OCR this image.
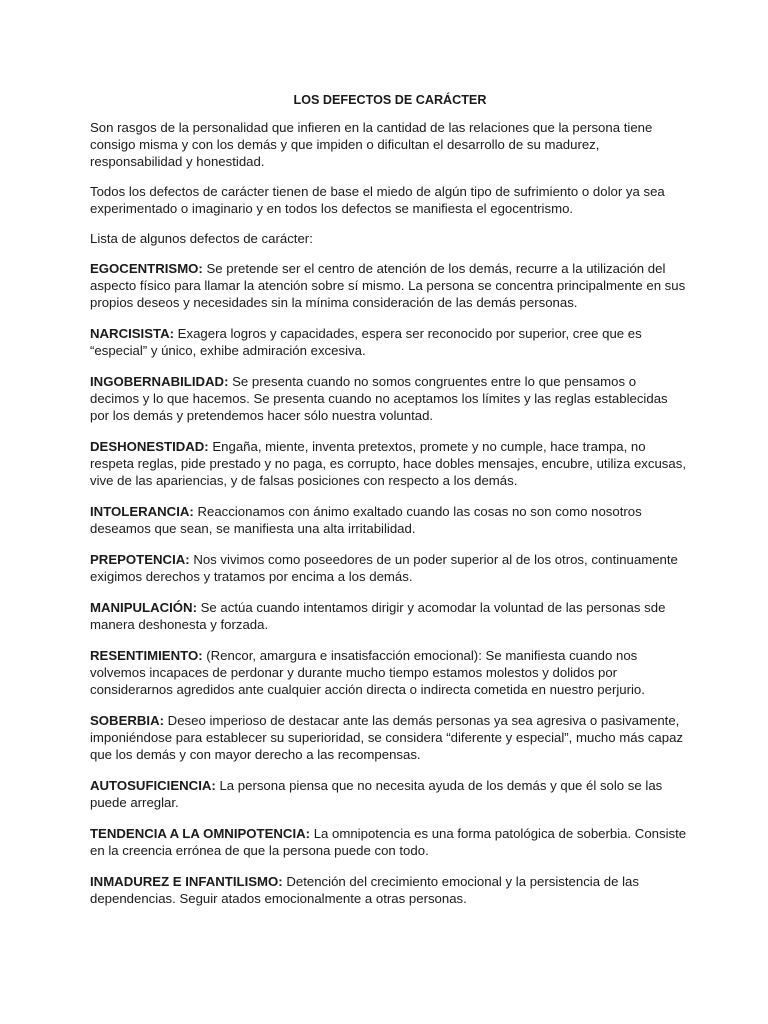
LOS DEFECTOS DE CARÁCTER

Son rasgos de la personalidad que infieren en la cantidad de las relaciones que la persona tiene consigo misma y con los demás y que impiden o dificultan el desarrollo de su madurez, responsabilidad y honestidad.

Todos los defectos de carácter tienen de base el miedo de algún tipo de sufrimiento o dolor ya sea experimentado o imaginario y en todos los defectos se manifiesta el egocentrismo.

Lista de algunos defectos de carácter:

EGOCENTRISMO: Se pretende ser el centro de atención de los demás, recurre a la utilización del aspecto físico para llamar la atención sobre sí mismo. La persona se concentra principalmente en sus propios deseos y necesidades sin la mínima consideración de las demás personas.

NARCISISTA: Exagera logros y capacidades, espera ser reconocido por superior, cree que es “especial” y único, exhibe admiración excesiva.

INGOBERNABILIDAD: Se presenta cuando no somos congruentes entre lo que pensamos o decimos y lo que hacemos. Se presenta cuando no aceptamos los límites y las reglas establecidas por los demás y pretendemos hacer sólo nuestra voluntad.

DESHONESTIDAD: Engaña, miente, inventa pretextos, promete y no cumple, hace trampa, no respeta reglas, pide prestado y no paga, es corrupto, hace dobles mensajes, encubre, utiliza excusas, vive de las apariencias, y de falsas posiciones con respecto a los demás.

INTOLERANCIA: Reaccionamos con ánimo exaltado cuando las cosas no son como nosotros deseamos que sean, se manifiesta una alta irritabilidad.

PREPOTENCIA: Nos vivimos como poseedores de un poder superior al de los otros, continuamente exigimos derechos y tratamos por encima a los demás.

MANIPULACIÓN: Se actúa cuando intentamos dirigir y acomodar la voluntad de las personas sde manera deshonesta y forzada.

RESENTIMIENTO: (Rencor, amargura e insatisfacción emocional): Se manifiesta cuando nos volvemos incapaces de perdonar y durante mucho tiempo estamos molestos y dolidos por considerarnos agredidos ante cualquier acción directa o indirecta cometida en nuestro perjurio.

SOBERBIA: Deseo imperioso de destacar ante las demás personas ya sea agresiva o pasivamente, imponiéndose para establecer su superioridad, se considera “diferente y especial”, mucho más capaz que los demás y con mayor derecho a las recompensas.

AUTOSUFICIENCIA: La persona piensa que no necesita ayuda de los demás y que él solo se las puede arreglar.

TENDENCIA A LA OMNIPOTENCIA: La omnipotencia es una forma patológica de soberbia. Consiste en la creencia errónea de que la persona puede con todo.

INMADUREZ E INFANTILISMO: Detención del crecimiento emocional y la persistencia de las dependencias. Seguir atados emocionalmente a otras personas.
